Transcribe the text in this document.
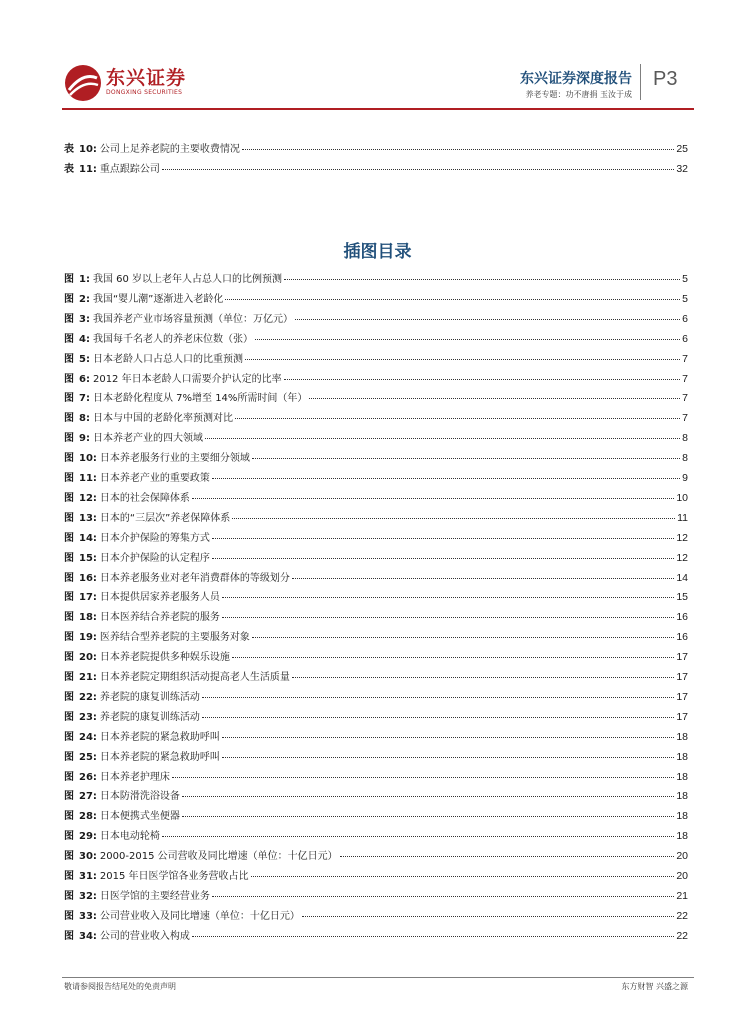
东兴证券
DONGXING SECURITIES
东兴证券深度报告
养老专题：功不唐捐 玉汝于成
P3
表 10: 公司上足养老院的主要收费情况	25
表 11: 重点跟踪公司	32
插图目录
图 1: 我国 60 岁以上老年人占总人口的比例预测	5
图 2: 我国“婴儿潮”逐渐进入老龄化	5
图 3: 我国养老产业市场容量预测（单位：万亿元）	6
图 4: 我国每千名老人的养老床位数（张）	6
图 5: 日本老龄人口占总人口的比重预测	7
图 6: 2012 年日本老龄人口需要介护认定的比率	7
图 7: 日本老龄化程度从 7%增至 14%所需时间（年）	7
图 8: 日本与中国的老龄化率预测对比	7
图 9: 日本养老产业的四大领域	8
图 10: 日本养老服务行业的主要细分领域	8
图 11: 日本养老产业的重要政策	9
图 12: 日本的社会保障体系	10
图 13: 日本的“三层次”养老保障体系	11
图 14: 日本介护保险的筹集方式	12
图 15: 日本介护保险的认定程序	12
图 16: 日本养老服务业对老年消费群体的等级划分	14
图 17: 日本提供居家养老服务人员	15
图 18: 日本医养结合养老院的服务	16
图 19: 医养结合型养老院的主要服务对象	16
图 20: 日本养老院提供多种娱乐设施	17
图 21: 日本养老院定期组织活动提高老人生活质量	17
图 22: 养老院的康复训练活动	17
图 23: 养老院的康复训练活动	17
图 24: 日本养老院的紧急救助呼叫	18
图 25: 日本养老院的紧急救助呼叫	18
图 26: 日本养老护理床	18
图 27: 日本防滑洗浴设备	18
图 28: 日本便携式坐便器	18
图 29: 日本电动轮椅	18
图 30: 2000-2015 公司营收及同比增速（单位：十亿日元）	20
图 31: 2015 年日医学馆各业务营收占比	20
图 32: 日医学馆的主要经营业务	21
图 33: 公司营业收入及同比增速（单位：十亿日元）	22
图 34: 公司的营业收入构成	22
敬请参阅报告结尾处的免责声明	东方财智 兴盛之源
